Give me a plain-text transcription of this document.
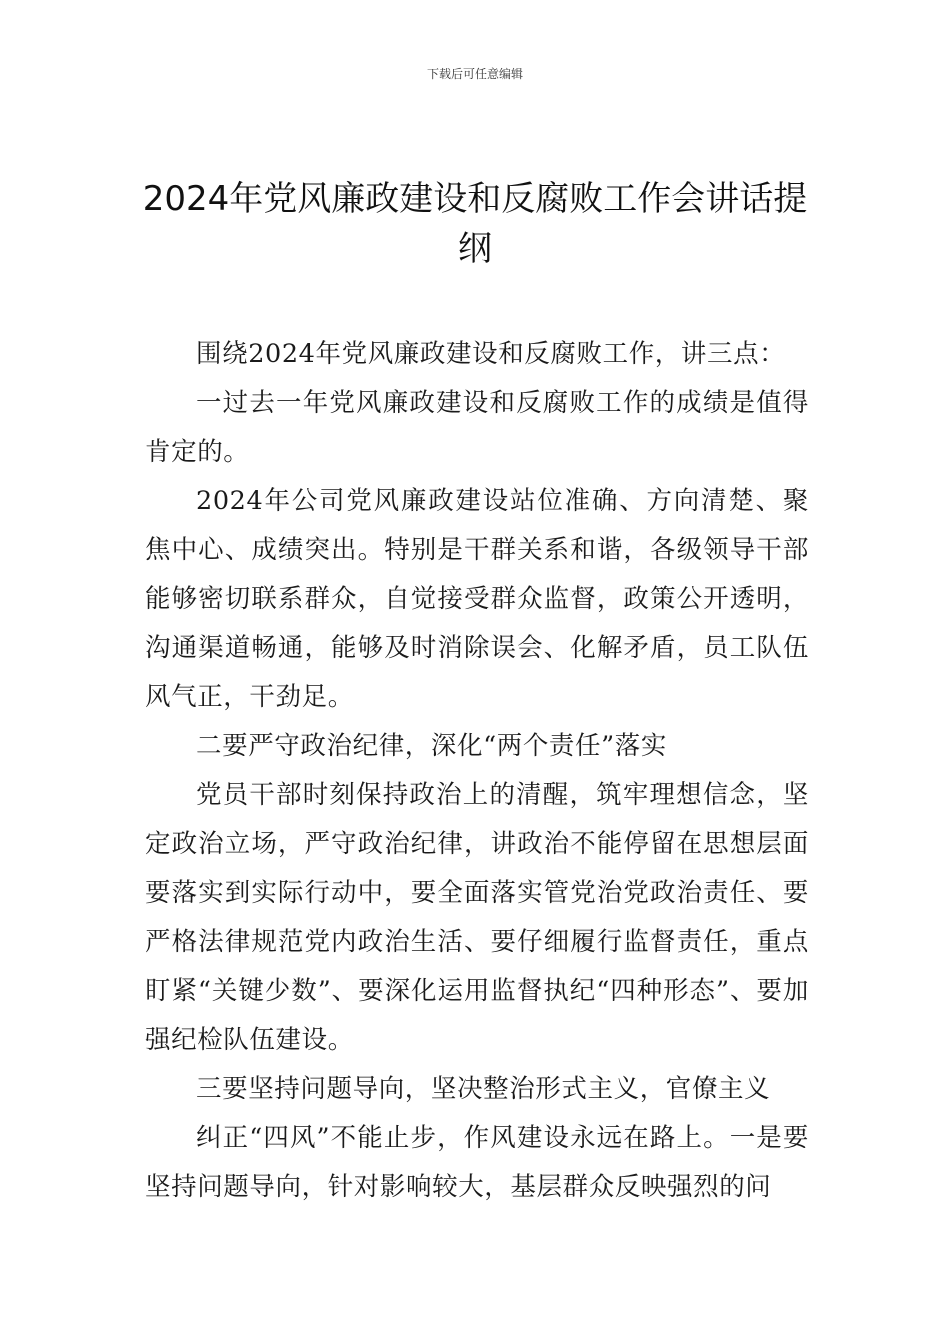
下载后可任意编辑
2024年党风廉政建设和反腐败工作会讲话提纲

围绕2024年党风廉政建设和反腐败工作，讲三点：

一过去一年党风廉政建设和反腐败工作的成绩是值得肯定的。

2024年公司党风廉政建设站位准确、方向清楚、聚焦中心、成绩突出。特别是干群关系和谐，各级领导干部能够密切联系群众，自觉接受群众监督，政策公开透明，沟通渠道畅通，能够及时消除误会、化解矛盾，员工队伍风气正，干劲足。

二要严守政治纪律，深化“两个责任”落实

党员干部时刻保持政治上的清醒，筑牢理想信念，坚定政治立场，严守政治纪律，讲政治不能停留在思想层面要落实到实际行动中，要全面落实管党治党政治责任、要严格法律规范党内政治生活、要仔细履行监督责任，重点盯紧“关键少数”、要深化运用监督执纪“四种形态”、要加强纪检队伍建设。

三要坚持问题导向，坚决整治形式主义，官僚主义

纠正“四风”不能止步，作风建设永远在路上。一是要坚持问题导向，针对影响较大，基层群众反映强烈的问
